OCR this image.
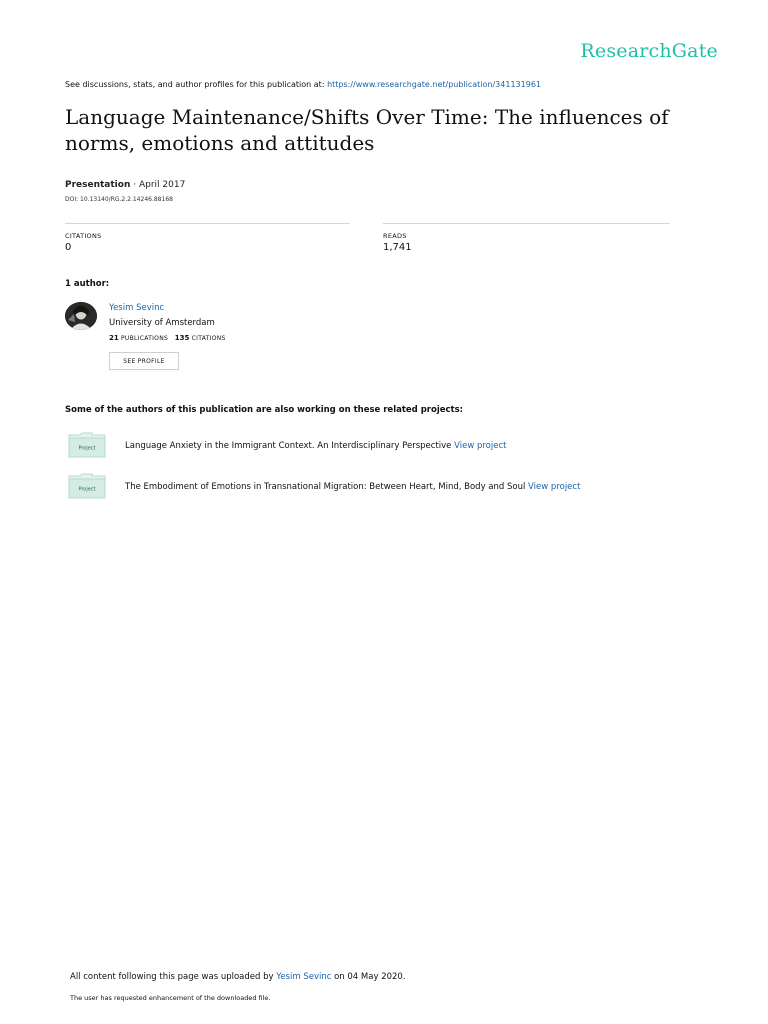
ResearchGate
See discussions, stats, and author profiles for this publication at: https://www.researchgate.net/publication/341131961
Language Maintenance/Shifts Over Time: The influences of norms, emotions and attitudes
Presentation · April 2017
DOI: 10.13140/RG.2.2.14246.88168
CITATIONS
0
READS
1,741
1 author:
Yesim Sevinc
University of Amsterdam
21 PUBLICATIONS 135 CITATIONS
SEE PROFILE
Some of the authors of this publication are also working on these related projects:
Project	Language Anxiety in the Immigrant Context. An Interdisciplinary Perspective View project
Project	The Embodiment of Emotions in Transnational Migration: Between Heart, Mind, Body and Soul View project
All content following this page was uploaded by Yesim Sevinc on 04 May 2020.
The user has requested enhancement of the downloaded file.
